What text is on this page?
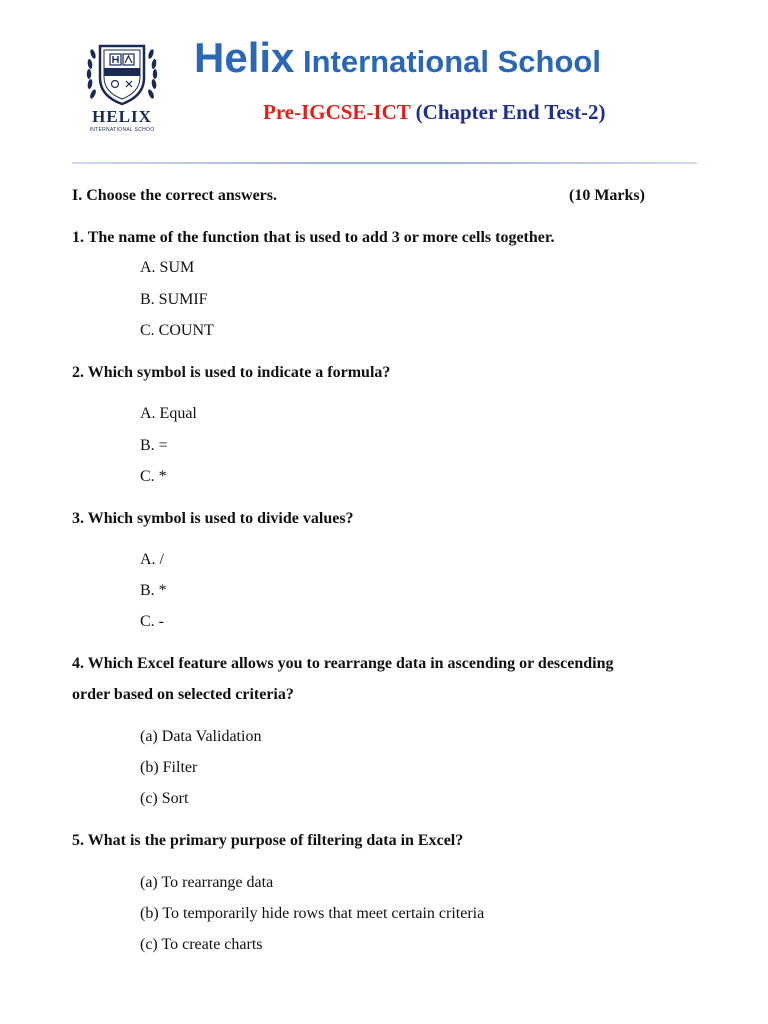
HELIX
INTERNATIONAL SCHOO
Helix International School
Pre-IGCSE-ICT (Chapter End Test-2)
I. Choose the correct answers.	(10 Marks)
1. The name of the function that is used to add 3 or more cells together.
A. SUM
B. SUMIF
C. COUNT
2. Which symbol is used to indicate a formula?
A. Equal
B. =
C. *
3. Which symbol is used to divide values?
A. /
B. *
C. -
4. Which Excel feature allows you to rearrange data in ascending or descending
order based on selected criteria?
(a) Data Validation
(b) Filter
(c) Sort
5. What is the primary purpose of filtering data in Excel?
(a) To rearrange data
(b) To temporarily hide rows that meet certain criteria
(c) To create charts
